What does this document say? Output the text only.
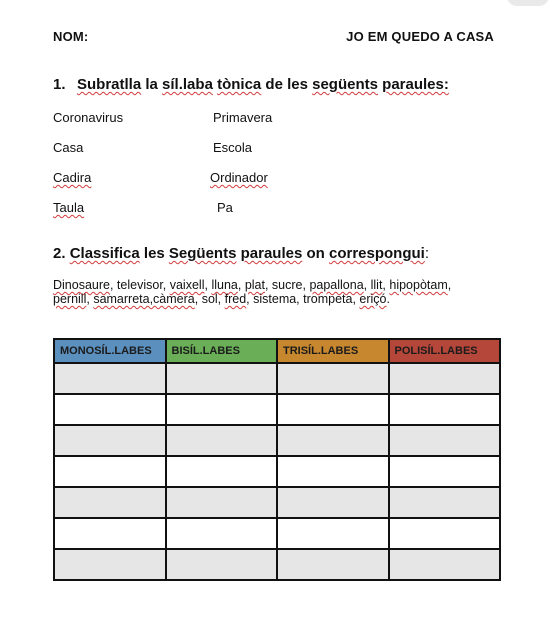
NOM:	JO EM QUEDO A CASA
1. Subratlla la síl.laba tònica de les següents paraules:
Coronavirus
Casa
Cadira
Taula
Primavera
Escola
Ordinador
Pa
2. Classifica les Següents paraules on correspongui:
Dinosaure, televisor, vaixell, lluna, plat, sucre, papallona, llit, hipopòtam,
pernill, samarreta,càmera, sol, fred, sistema, trompeta, eriçó.
MONOSÍL.LABES	BISÍL.LABES	TRISÍL.LABES	POLISÍL.LABES
